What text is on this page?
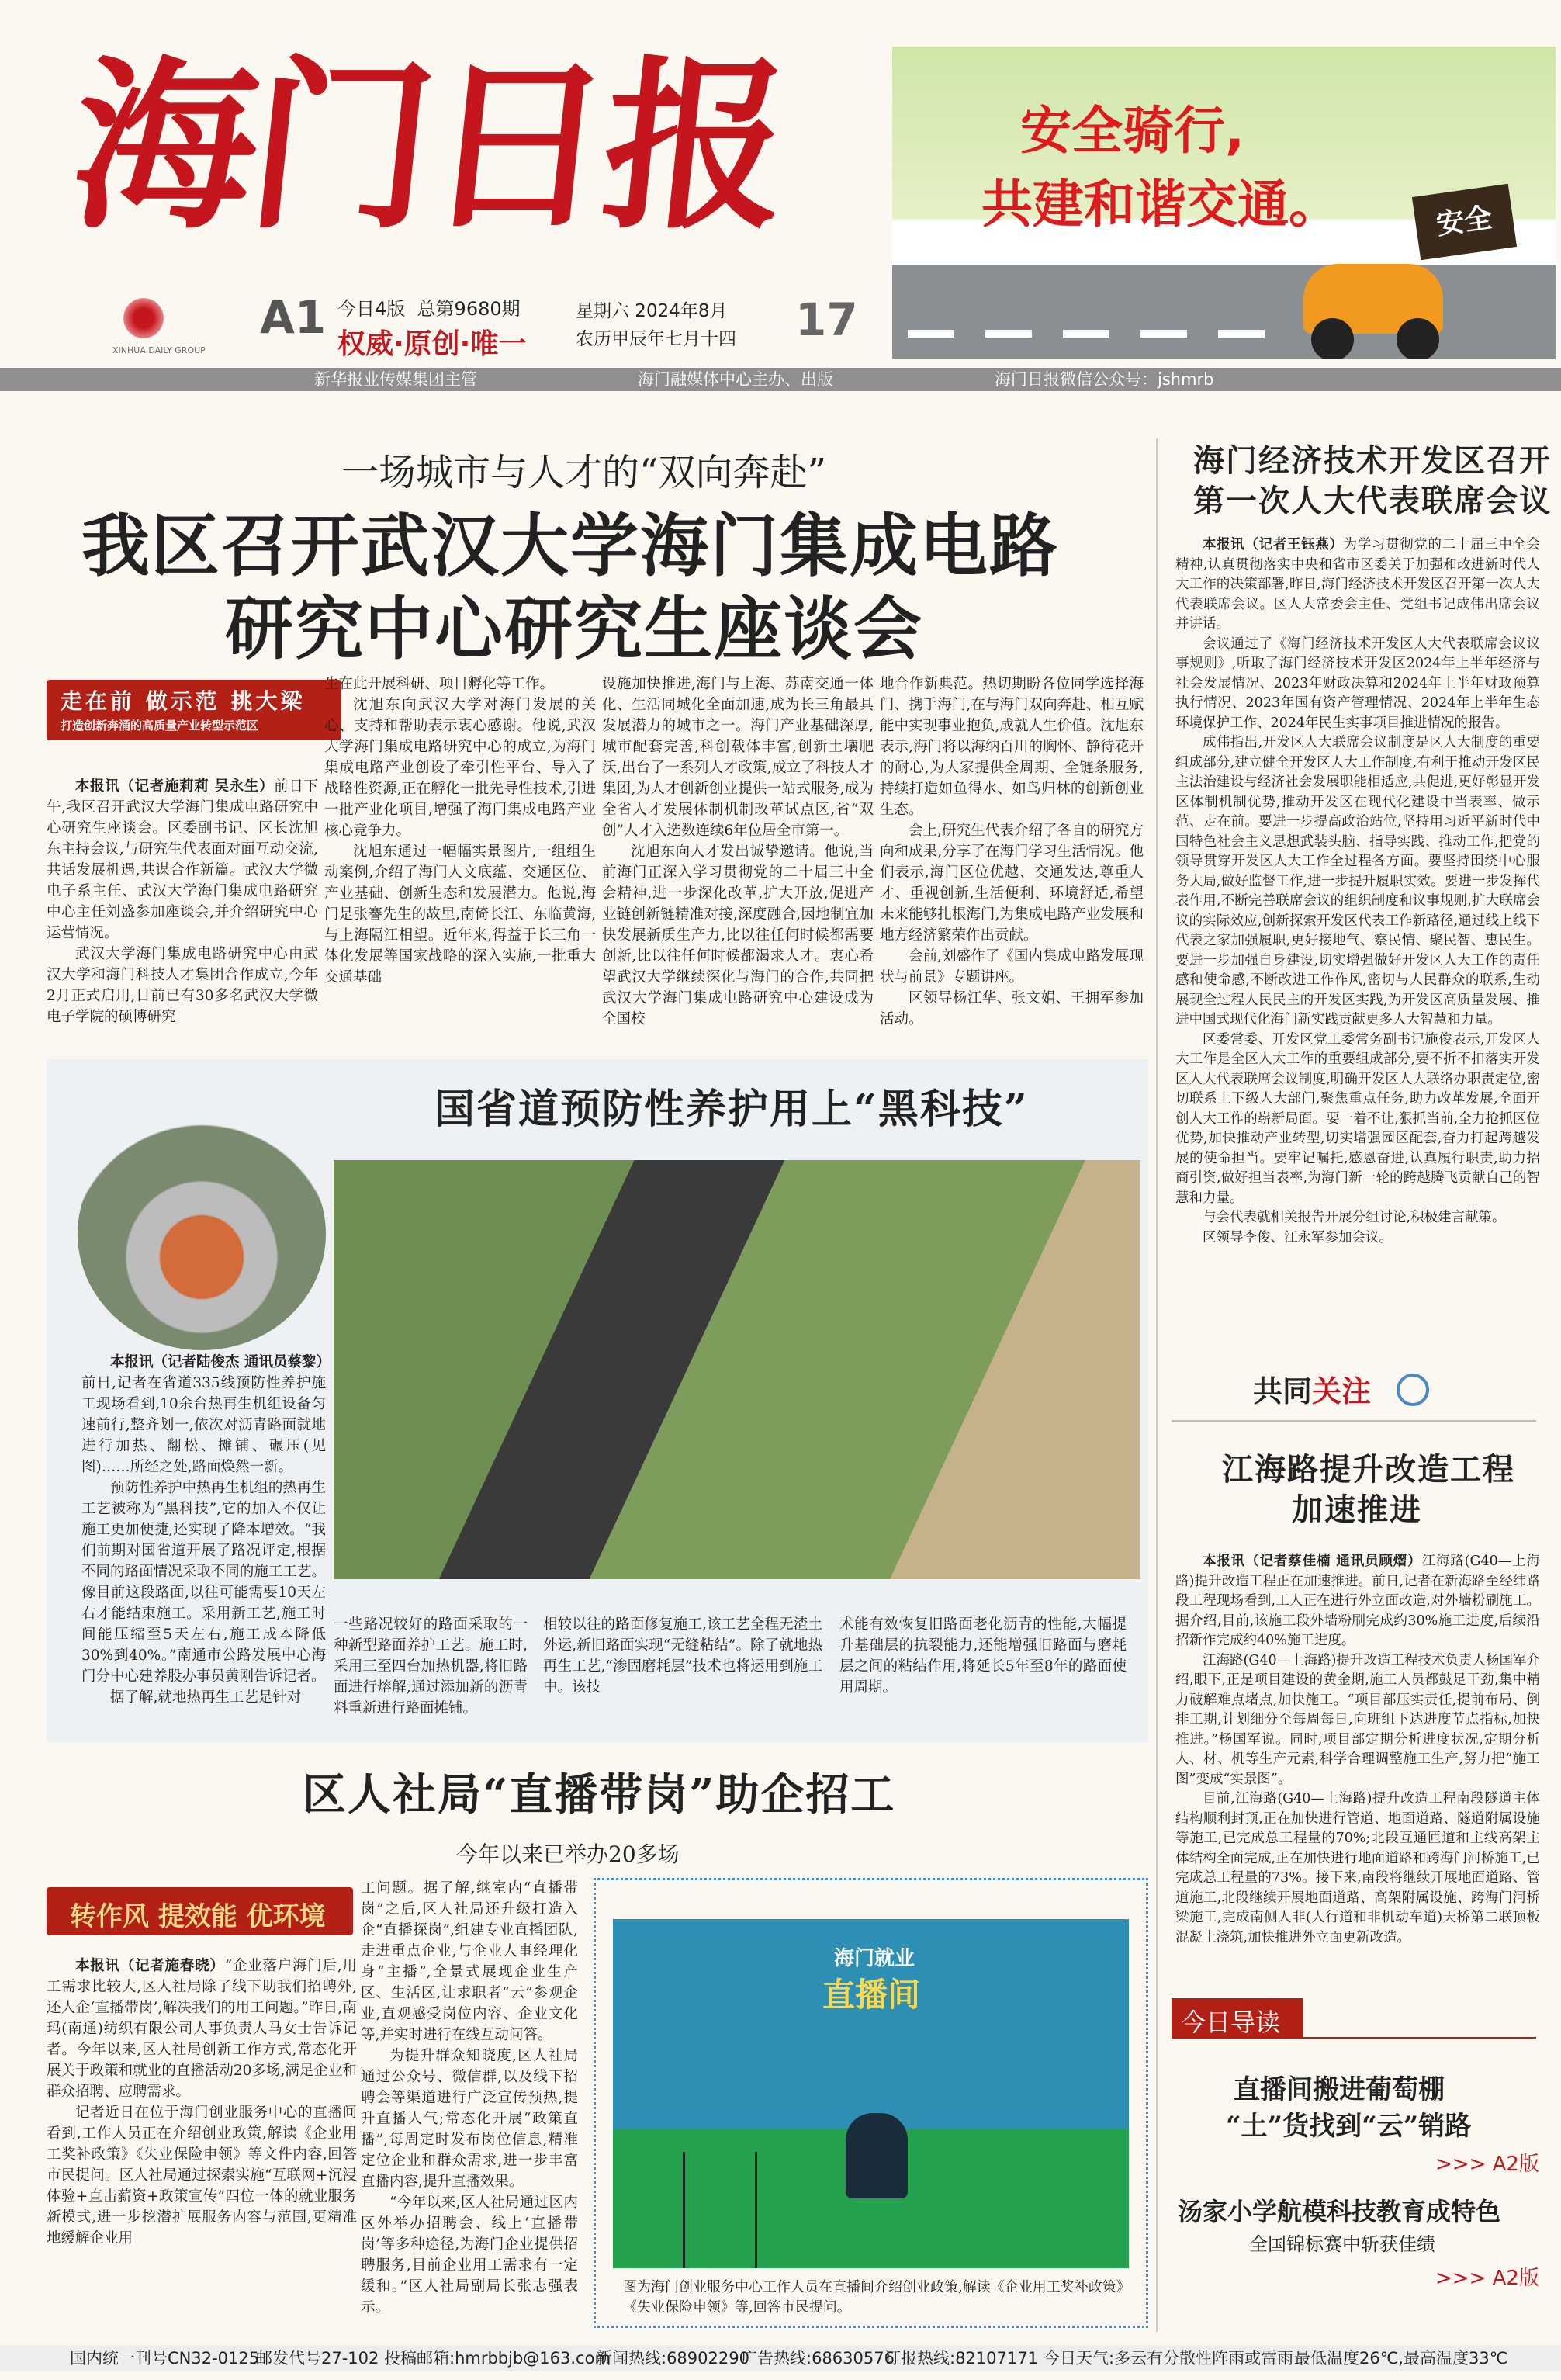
海门日报
XINHUA DAILY GROUP
A1 今日4版 总第9680期
权威·原创·唯一
星期六 2024年8月
农历甲辰年七月十四 17
安全骑行,
共建和谐交通。	安全
新华报业传媒集团主管	海门融媒体中心主办、出版	海门日报微信公众号：jshmrb
一场城市与人才的“双向奔赴”
我区召开武汉大学海门集成电路
研究中心研究生座谈会
走在前 做示范 挑大梁
打造创新奔涌的高质量产业转型示范区

本报讯（记者施莉莉 吴永生）前日下午,我区召开武汉大学海门集成电路研究中心研究生座谈会。区委副书记、区长沈旭东主持会议,与研究生代表面对面互动交流,共话发展机遇,共谋合作新篇。武汉大学微电子系主任、武汉大学海门集成电路研究中心主任刘盛参加座谈会,并介绍研究中心运营情况。

武汉大学海门集成电路研究中心由武汉大学和海门科技人才集团合作成立,今年2月正式启用,目前已有30多名武汉大学微电子学院的硕博研究

生在此开展科研、项目孵化等工作。

沈旭东向武汉大学对海门发展的关心、支持和帮助表示衷心感谢。他说,武汉大学海门集成电路研究中心的成立,为海门集成电路产业创设了牵引性平台、导入了战略性资源,正在孵化一批先导性技术,引进一批产业化项目,增强了海门集成电路产业核心竞争力。

沈旭东通过一幅幅实景图片,一组组生动案例,介绍了海门人文底蕴、交通区位、产业基础、创新生态和发展潜力。他说,海门是张謇先生的故里,南倚长江、东临黄海,与上海隔江相望。近年来,得益于长三角一体化发展等国家战略的深入实施,一批重大交通基础

设施加快推进,海门与上海、苏南交通一体化、生活同城化全面加速,成为长三角最具发展潜力的城市之一。海门产业基础深厚,城市配套完善,科创载体丰富,创新土壤肥沃,出台了一系列人才政策,成立了科技人才集团,为人才创新创业提供一站式服务,成为全省人才发展体制机制改革试点区,省“双创”人才入选数连续6年位居全市第一。

沈旭东向人才发出诚挚邀请。他说,当前海门正深入学习贯彻党的二十届三中全会精神,进一步深化改革,扩大开放,促进产业链创新链精准对接,深度融合,因地制宜加快发展新质生产力,比以往任何时候都需要创新,比以往任何时候都渴求人才。衷心希望武汉大学继续深化与海门的合作,共同把武汉大学海门集成电路研究中心建设成为全国校

地合作新典范。热切期盼各位同学选择海门、携手海门,在与海门双向奔赴、相互赋能中实现事业抱负,成就人生价值。沈旭东表示,海门将以海纳百川的胸怀、静待花开的耐心,为大家提供全周期、全链条服务,持续打造如鱼得水、如鸟归林的创新创业生态。

会上,研究生代表介绍了各自的研究方向和成果,分享了在海门学习生活情况。他们表示,海门区位优越、交通发达,尊重人才、重视创新,生活便利、环境舒适,希望未来能够扎根海门,为集成电路产业发展和地方经济繁荣作出贡献。

会前,刘盛作了《国内集成电路发展现状与前景》专题讲座。

区领导杨江华、张文娟、王拥军参加活动。

国省道预防性养护用上“黑科技”

本报讯（记者陆俊杰 通讯员蔡黎）前日,记者在省道335线预防性养护施工现场看到,10余台热再生机组设备匀速前行,整齐划一,依次对沥青路面就地进行加热、翻松、摊铺、碾压(见图)……所经之处,路面焕然一新。

预防性养护中热再生机组的热再生工艺被称为“黑科技”,它的加入不仅让施工更加便捷,还实现了降本增效。“我们前期对国省道开展了路况评定,根据不同的路面情况采取不同的施工工艺。像目前这段路面,以往可能需要10天左右才能结束施工。采用新工艺,施工时间能压缩至5天左右,施工成本降低30%到40%。”南通市公路发展中心海门分中心建养股办事员黄刚告诉记者。

据了解,就地热再生工艺是针对

一些路况较好的路面采取的一种新型路面养护工艺。施工时,采用三至四台加热机器,将旧路面进行熔解,通过添加新的沥青料重新进行路面摊铺。

相较以往的路面修复施工,该工艺全程无渣土外运,新旧路面实现“无缝粘结”。除了就地热再生工艺,“渗固磨耗层”技术也将运用到施工中。该技

术能有效恢复旧路面老化沥青的性能,大幅提升基础层的抗裂能力,还能增强旧路面与磨耗层之间的粘结作用,将延长5年至8年的路面使用周期。

区人社局“直播带岗”助企招工
今年以来已举办20多场
转作风 提效能 优环境

本报讯（记者施春晓）“企业落户海门后,用工需求比较大,区人社局除了线下助我们招聘外,还人企‘直播带岗’,解决我们的用工问题。”昨日,南玛(南通)纺织有限公司人事负责人马女士告诉记者。今年以来,区人社局创新工作方式,常态化开展关于政策和就业的直播活动20多场,满足企业和群众招聘、应聘需求。

记者近日在位于海门创业服务中心的直播间看到,工作人员正在介绍创业政策,解读《企业用工奖补政策》《失业保险申领》等文件内容,回答市民提问。区人社局通过探索实施“互联网+沉浸体验+直击薪资+政策宣传”四位一体的就业服务新模式,进一步挖潜扩展服务内容与范围,更精准地缓解企业用

工问题。据了解,继室内“直播带岗”之后,区人社局还升级打造入企“直播探岗”,组建专业直播团队,走进重点企业,与企业人事经理化身“主播”,全景式展现企业生产区、生活区,让求职者“云”参观企业,直观感受岗位内容、企业文化等,并实时进行在线互动问答。

为提升群众知晓度,区人社局通过公众号、微信群,以及线下招聘会等渠道进行广泛宣传预热,提升直播人气;常态化开展“政策直播”,每周定时发布岗位信息,精准定位企业和群众需求,进一步丰富直播内容,提升直播效果。

“今年以来,区人社局通过区内区外举办招聘会、线上‘直播带岗’等多种途径,为海门企业提供招聘服务,目前企业用工需求有一定缓和。”区人社局副局长张志强表示。

海门就业
直播间
图为海门创业服务中心工作人员在直播间介绍创业政策,解读《企业用工奖补政策》《失业保险申领》等,回答市民提问。
海门经济技术开发区召开
第一次人大代表联席会议

本报讯（记者王钰燕）为学习贯彻党的二十届三中全会精神,认真贯彻落实中央和省市区委关于加强和改进新时代人大工作的决策部署,昨日,海门经济技术开发区召开第一次人大代表联席会议。区人大常委会主任、党组书记成伟出席会议并讲话。

会议通过了《海门经济技术开发区人大代表联席会议议事规则》,听取了海门经济技术开发区2024年上半年经济与社会发展情况、2023年财政决算和2024年上半年财政预算执行情况、2023年国有资产管理情况、2024年上半年生态环境保护工作、2024年民生实事项目推进情况的报告。

成伟指出,开发区人大联席会议制度是区人大制度的重要组成部分,建立健全开发区人大工作制度,有利于推动开发区民主法治建设与经济社会发展职能相适应,共促进,更好彰显开发区体制机制优势,推动开发区在现代化建设中当表率、做示范、走在前。要进一步提高政治站位,坚持用习近平新时代中国特色社会主义思想武装头脑、指导实践、推动工作,把党的领导贯穿开发区人大工作全过程各方面。要坚持围绕中心服务大局,做好监督工作,进一步提升履职实效。要进一步发挥代表作用,不断完善联席会议的组织制度和议事规则,扩大联席会议的实际效应,创新探索开发区代表工作新路径,通过线上线下代表之家加强履职,更好接地气、察民情、聚民智、惠民生。要进一步加强自身建设,切实增强做好开发区人大工作的责任感和使命感,不断改进工作作风,密切与人民群众的联系,生动展现全过程人民民主的开发区实践,为开发区高质量发展、推进中国式现代化海门新实践贡献更多人大智慧和力量。

区委常委、开发区党工委常务副书记施俊表示,开发区人大工作是全区人大工作的重要组成部分,要不折不扣落实开发区人大代表联席会议制度,明确开发区人大联络办职责定位,密切联系上下级人大部门,聚焦重点任务,助力改革发展,全面开创人大工作的崭新局面。要一着不让,狠抓当前,全力抢抓区位优势,加快推动产业转型,切实增强园区配套,奋力打起跨越发展的使命担当。要牢记嘱托,感恩奋进,认真履行职责,助力招商引资,做好担当表率,为海门新一轮的跨越腾飞贡献自己的智慧和力量。

与会代表就相关报告开展分组讨论,积极建言献策。

区领导李俊、江永军参加会议。

共同关注
江海路提升改造工程
加速推进

本报讯（记者蔡佳楠 通讯员顾熠）江海路(G40—上海路)提升改造工程正在加速推进。前日,记者在新海路至经纬路段工程现场看到,工人正在进行外立面改造,对外墙粉刷施工。据介绍,目前,该施工段外墙粉刷完成约30%施工进度,后续沿招新作完成约40%施工进度。

江海路(G40—上海路)提升改造工程技术负责人杨国军介绍,眼下,正是项目建设的黄金期,施工人员都鼓足干劲,集中精力破解难点堵点,加快施工。“项目部压实责任,提前布局、倒排工期,计划细分至每周每日,向班组下达进度节点指标,加快推进。”杨国军说。同时,项目部定期分析进度状况,定期分析人、材、机等生产元素,科学合理调整施工生产,努力把“施工图”变成“实景图”。

目前,江海路(G40—上海路)提升改造工程南段隧道主体结构顺利封顶,正在加快进行管道、地面道路、隧道附属设施等施工,已完成总工程量的70%;北段互通匝道和主线高架主体结构全面完成,正在加快进行地面道路和跨海门河桥施工,已完成总工程量的73%。接下来,南段将继续开展地面道路、管道施工,北段继续开展地面道路、高架附属设施、跨海门河桥梁施工,完成南侧人非(人行道和非机动车道)天桥第二联顶板混凝土浇筑,加快推进外立面更新改造。

今日导读
直播间搬进葡萄棚
“土”货找到“云”销路
>>> A2版
汤家小学航模科技教育成特色
全国锦标赛中斩获佳绩
>>> A2版
国内统一刊号CN32-0125
邮发代号27-102 投稿邮箱:hmrbbjb@163.com
新闻热线:68902290
广告热线:68630576
订报热线:82107171 今日天气:多云有分散性阵雨或雷雨 最低温度26℃,最高温度33℃
